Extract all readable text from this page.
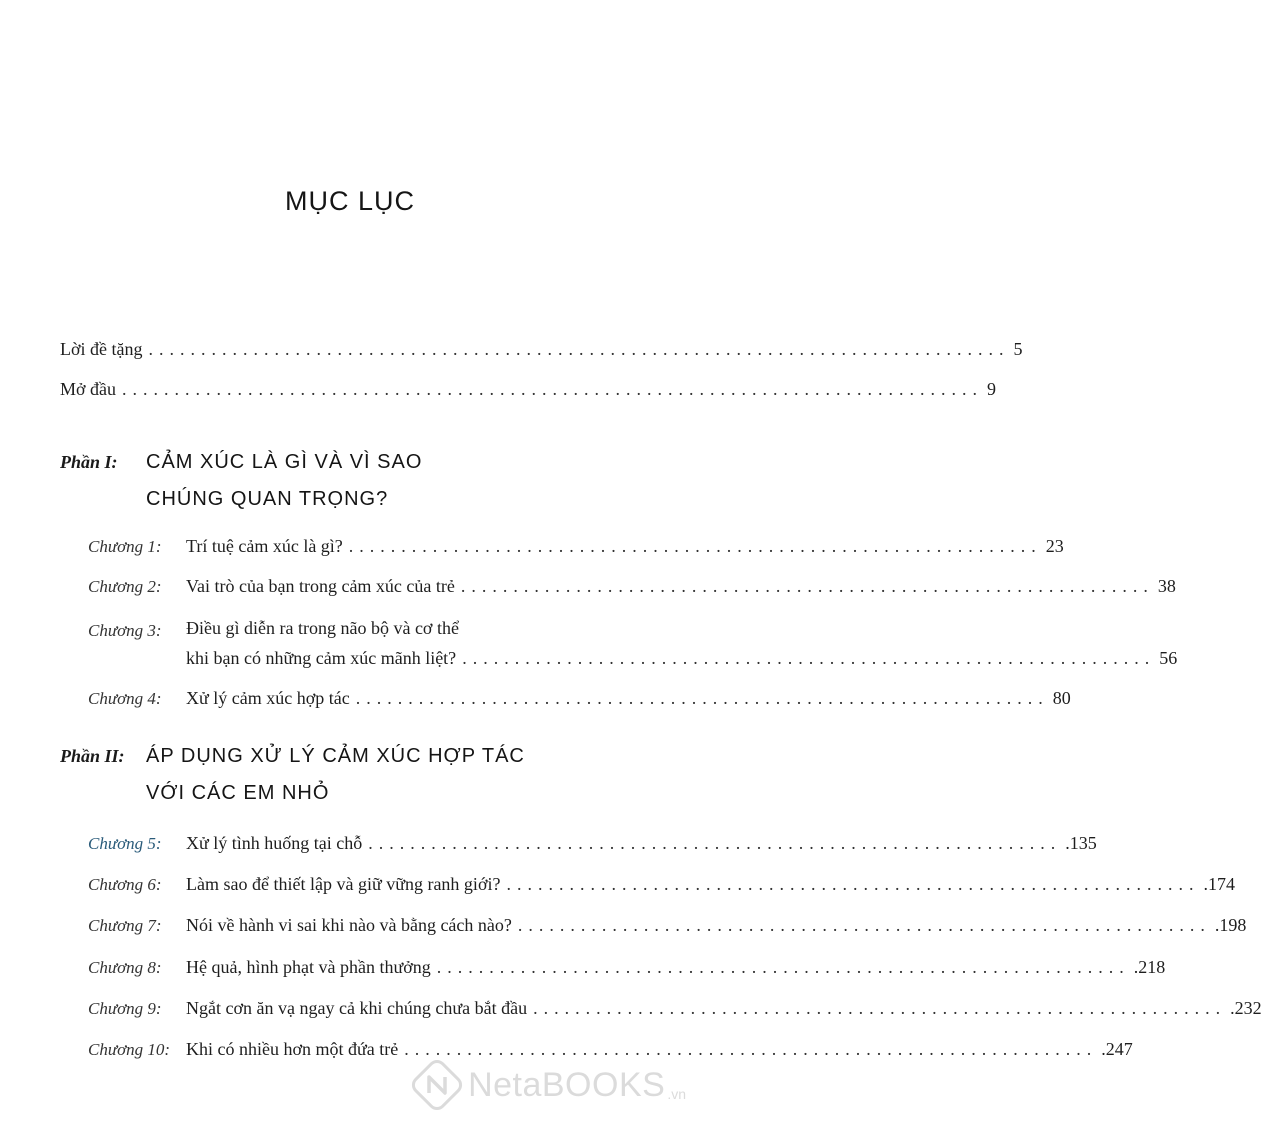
MỤC LỤC
Lời đề tặng .................................................................................. 5
Mở đầu .................................................................................. 9
Phần I: CẢM XÚC LÀ GÌ VÀ VÌ SAO
CHÚNG QUAN TRỌNG?
Chương 1: Trí tuệ cảm xúc là gì? .................................................................. 23
Chương 2: Vai trò của bạn trong cảm xúc của trẻ .................................................................. 38
Chương 3: Điều gì diễn ra trong não bộ và cơ thể
khi bạn có những cảm xúc mãnh liệt? .................................................................. 56
Chương 4: Xử lý cảm xúc hợp tác .................................................................. 80
Phần II: ÁP DỤNG XỬ LÝ CẢM XÚC HỢP TÁC
VỚI CÁC EM NHỎ
Chương 5: Xử lý tình huống tại chỗ .................................................................. .135
Chương 6: Làm sao để thiết lập và giữ vững ranh giới? .................................................................. .174
Chương 7: Nói về hành vi sai khi nào và bằng cách nào? .................................................................. .198
Chương 8: Hệ quả, hình phạt và phần thưởng .................................................................. .218
Chương 9: Ngắt cơn ăn vạ ngay cả khi chúng chưa bắt đầu .................................................................. .232
Chương 10: Khi có nhiều hơn một đứa trẻ .................................................................. .247
NetaBOOKS .vn
